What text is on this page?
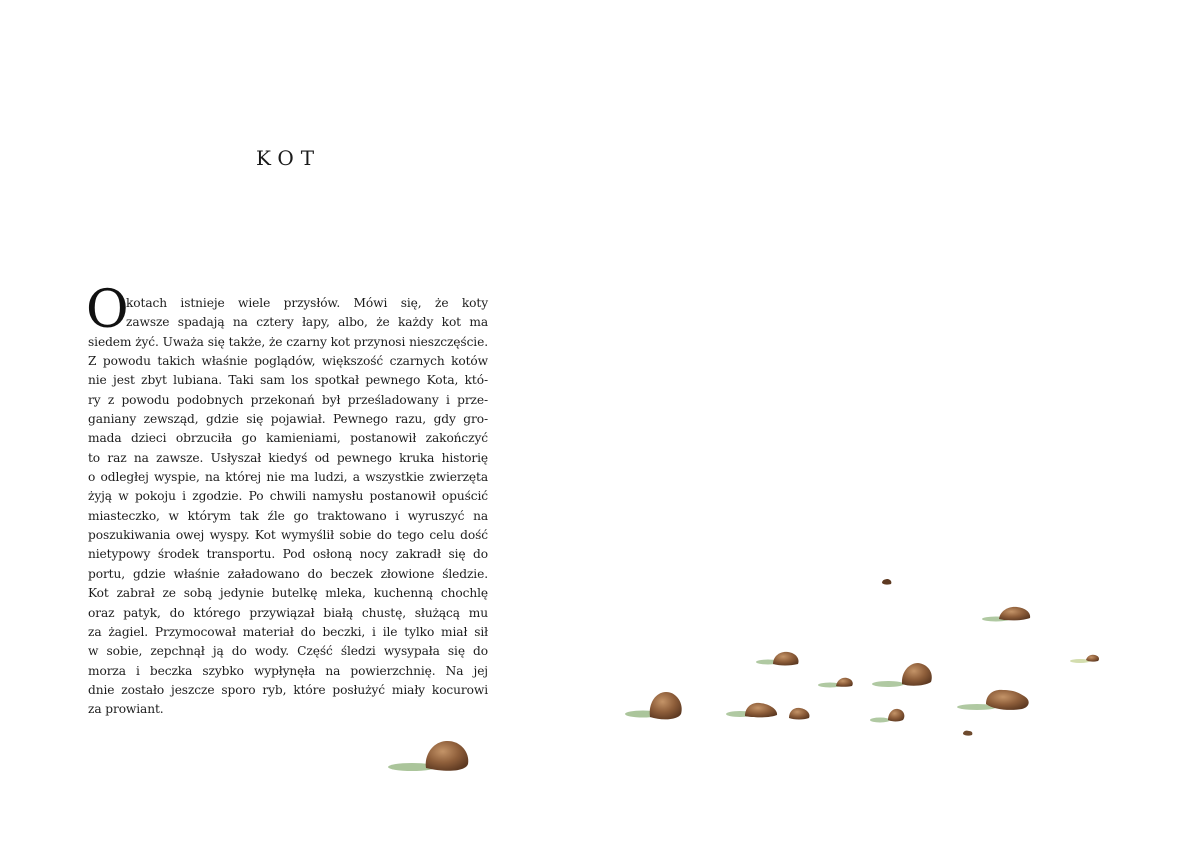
KOT
O
kotach istnieje wiele przysłów. Mówi się, że koty
zawsze spadają na cztery łapy, albo, że każdy kot ma
siedem żyć. Uważa się także, że czarny kot przynosi nieszczęście.
Z powodu takich właśnie poglądów, większość czarnych kotów
nie jest zbyt lubiana. Taki sam los spotkał pewnego Kota, któ-
ry z powodu podobnych przekonań był prześladowany i prze-
ganiany zewsząd, gdzie się pojawiał. Pewnego razu, gdy gro-
mada dzieci obrzuciła go kamieniami, postanowił zakończyć
to raz na zawsze. Usłyszał kiedyś od pewnego kruka historię
o odległej wyspie, na której nie ma ludzi, a wszystkie zwierzęta
żyją w pokoju i zgodzie. Po chwili namysłu postanowił opuścić
miasteczko, w którym tak źle go traktowano i wyruszyć na
poszukiwania owej wyspy. Kot wymyślił sobie do tego celu dość
nietypowy środek transportu. Pod osłoną nocy zakradł się do
portu, gdzie właśnie załadowano do beczek złowione śledzie.
Kot zabrał ze sobą jedynie butelkę mleka, kuchenną chochlę
oraz patyk, do którego przywiązał białą chustę, służącą mu
za żagiel. Przymocował materiał do beczki, i ile tylko miał sił
w sobie, zepchnął ją do wody. Część śledzi wysypała się do
morza i beczka szybko wypłynęła na powierzchnię. Na jej
dnie zostało jeszcze sporo ryb, które posłużyć miały kocurowi
za prowiant.
